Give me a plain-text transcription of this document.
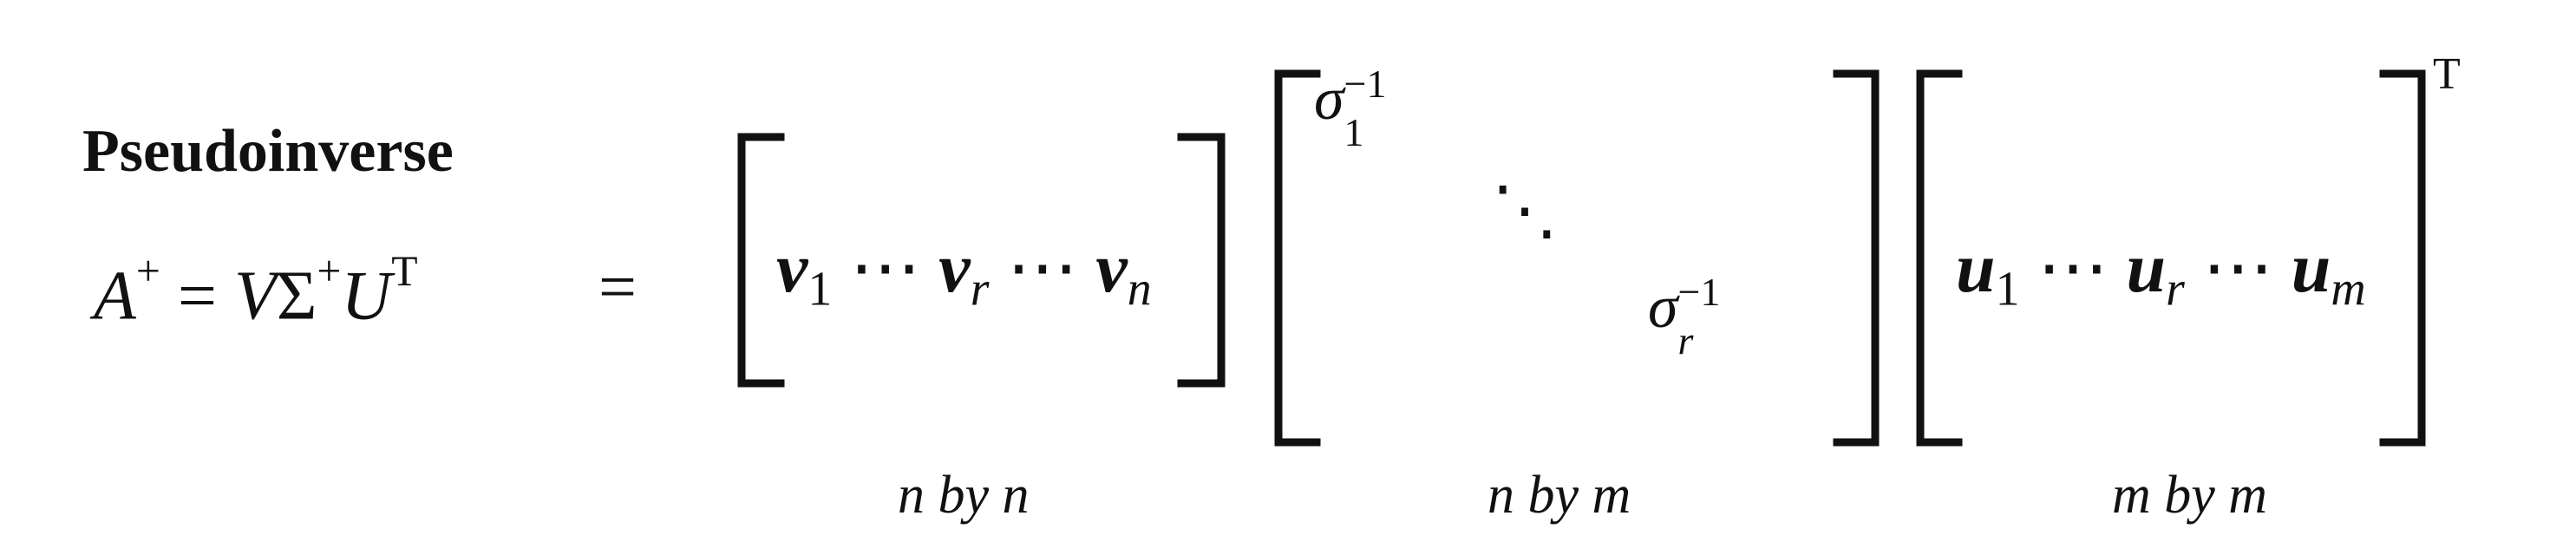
Pseudoinverse
$A^+ = V\Sigma^+U^T$	= $v_1$ ⋯ $v_r$ ⋯ $v_n$
σ −1
1
⋱
σ −1
r
$u_1$ ⋯ $u_r$ ⋯ $u_m$
T
n by n	n by m	m by m
